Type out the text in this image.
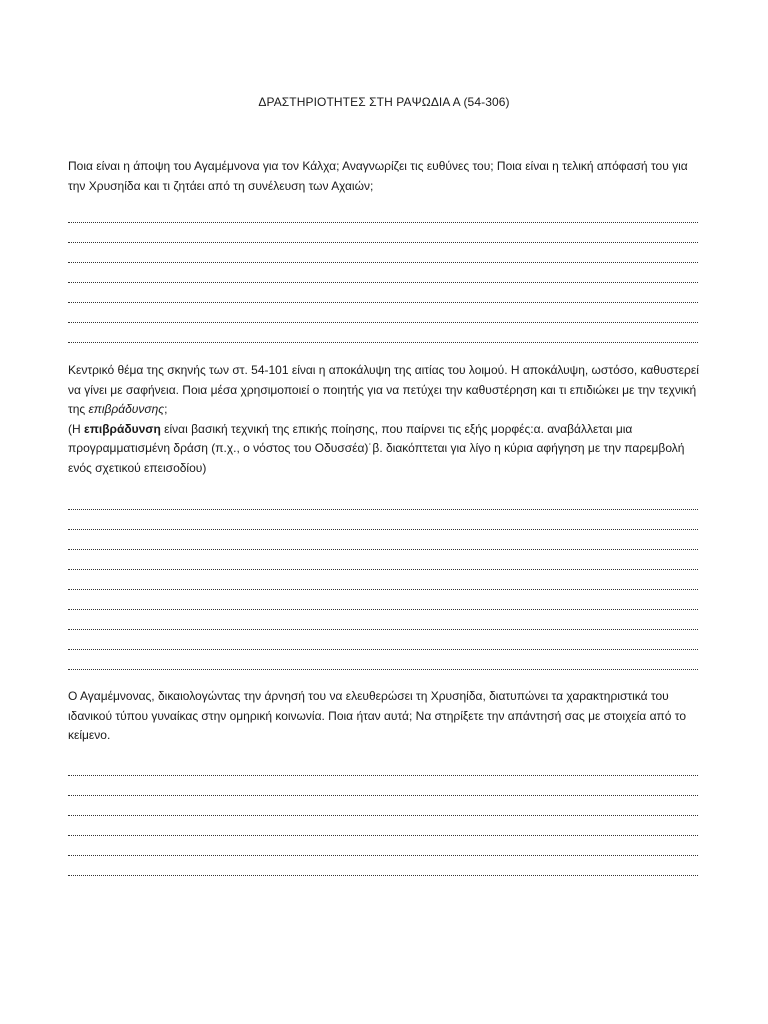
ΔΡΑΣΤΗΡΙΟΤΗΤΕΣ ΣΤΗ ΡΑΨΩΔΙΑ Α (54-306)
Ποια είναι η άποψη του Αγαμέμνονα για τον Κάλχα; Αναγνωρίζει τις ευθύνες του; Ποια είναι η τελική απόφασή του για την Χρυσηίδα και τι ζητάει από τη συνέλευση των Αχαιών;
Κεντρικό θέμα της σκηνής των στ. 54-101 είναι η αποκάλυψη της αιτίας του λοιμού. Η αποκάλυψη, ωστόσο, καθυστερεί να γίνει με σαφήνεια. Ποια μέσα χρησιμοποιεί ο ποιητής για να πετύχει την καθυστέρηση και τι επιδιώκει με την τεχνική της επιβράδυνσης;
(Η επιβράδυνση είναι βασική τεχνική της επικής ποίησης, που παίρνει τις εξής μορφές:α. αναβάλλεται μια προγραμματισμένη δράση (π.χ., ο νόστος του Οδυσσέα)˙β. διακόπτεται για λίγο η κύρια αφήγηση με την παρεμβολή ενός σχετικού επεισοδίου)
Ο Αγαμέμνονας, δικαιολογώντας την άρνησή του να ελευθερώσει τη Χρυσηίδα, διατυπώνει τα χαρακτηριστικά του ιδανικού τύπου γυναίκας στην ομηρική κοινωνία. Ποια ήταν αυτά; Να στηρίξετε την απάντησή σας με στοιχεία από το κείμενο.
